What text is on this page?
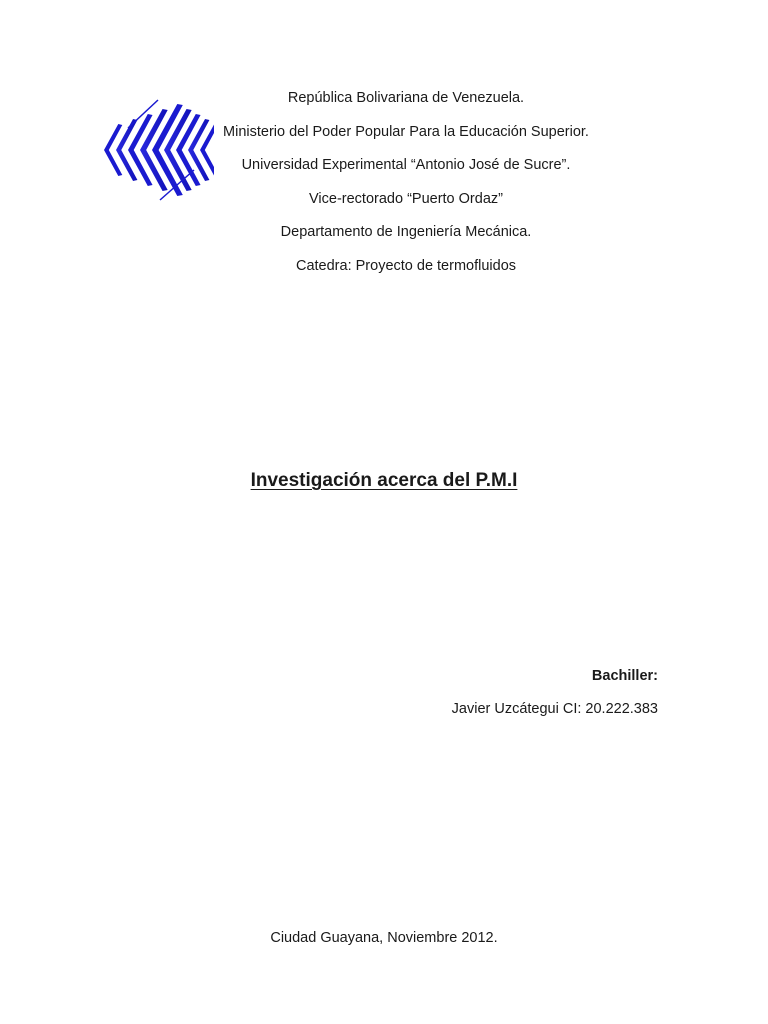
República Bolivariana de Venezuela.
Ministerio del Poder Popular Para la Educación Superior.
Universidad Experimental “Antonio José de Sucre”.
Vice-rectorado “Puerto Ordaz”
Departamento de Ingeniería Mecánica.
Catedra: Proyecto de termofluidos
Investigación acerca del P.M.I
Bachiller:
Javier Uzcátegui CI: 20.222.383
Ciudad Guayana, Noviembre 2012.
